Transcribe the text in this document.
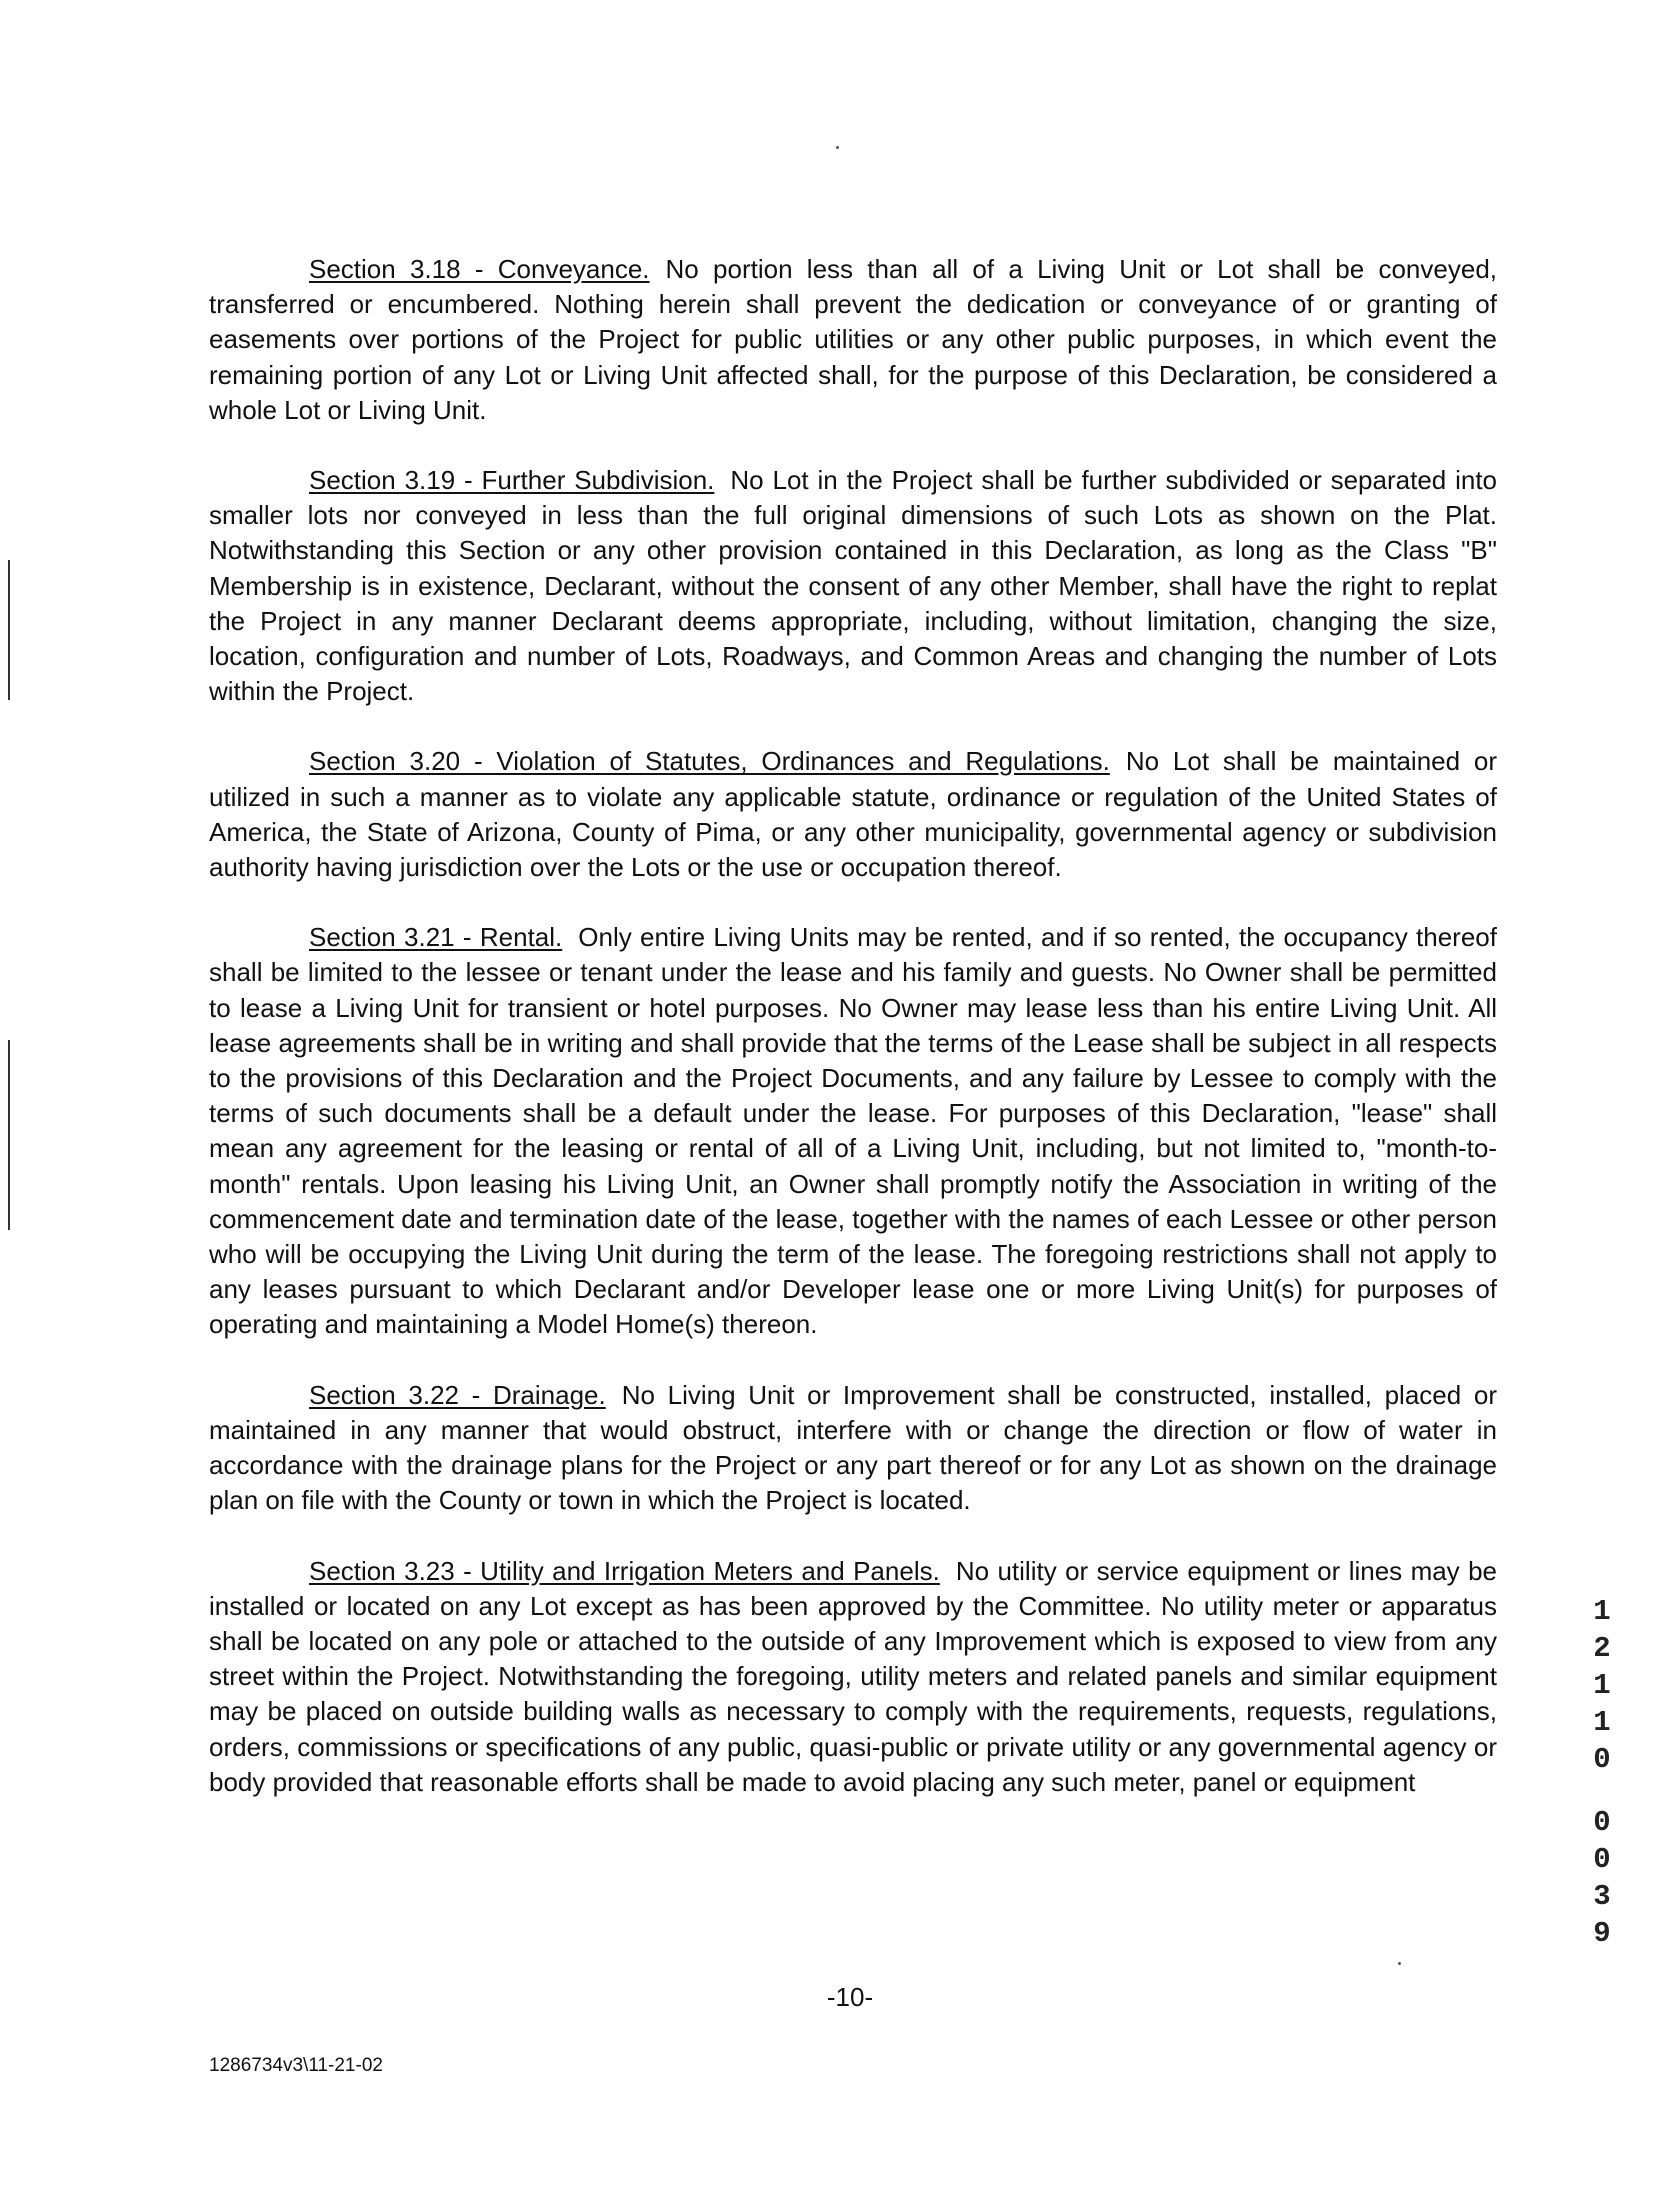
Section 3.18 - Conveyance. No portion less than all of a Living Unit or Lot shall be conveyed, transferred or encumbered. Nothing herein shall prevent the dedication or conveyance of or granting of easements over portions of the Project for public utilities or any other public purposes, in which event the remaining portion of any Lot or Living Unit affected shall, for the purpose of this Declaration, be considered a whole Lot or Living Unit.

Section 3.19 - Further Subdivision. No Lot in the Project shall be further subdivided or separated into smaller lots nor conveyed in less than the full original dimensions of such Lots as shown on the Plat. Notwithstanding this Section or any other provision contained in this Declaration, as long as the Class "B" Membership is in existence, Declarant, without the consent of any other Member, shall have the right to replat the Project in any manner Declarant deems appropriate, including, without limitation, changing the size, location, configuration and number of Lots, Roadways, and Common Areas and changing the number of Lots within the Project.

Section 3.20 - Violation of Statutes, Ordinances and Regulations. No Lot shall be maintained or utilized in such a manner as to violate any applicable statute, ordinance or regulation of the United States of America, the State of Arizona, County of Pima, or any other municipality, governmental agency or subdivision authority having jurisdiction over the Lots or the use or occupation thereof.

Section 3.21 - Rental. Only entire Living Units may be rented, and if so rented, the occupancy thereof shall be limited to the lessee or tenant under the lease and his family and guests. No Owner shall be permitted to lease a Living Unit for transient or hotel purposes. No Owner may lease less than his entire Living Unit. All lease agreements shall be in writing and shall provide that the terms of the Lease shall be subject in all respects to the provisions of this Declaration and the Project Documents, and any failure by Lessee to comply with the terms of such documents shall be a default under the lease. For purposes of this Declaration, "lease" shall mean any agreement for the leasing or rental of all of a Living Unit, including, but not limited to, "month-to-month" rentals. Upon leasing his Living Unit, an Owner shall promptly notify the Association in writing of the commencement date and termination date of the lease, together with the names of each Lessee or other person who will be occupying the Living Unit during the term of the lease. The foregoing restrictions shall not apply to any leases pursuant to which Declarant and/or Developer lease one or more Living Unit(s) for purposes of operating and maintaining a Model Home(s) thereon.

Section 3.22 - Drainage. No Living Unit or Improvement shall be constructed, installed, placed or maintained in any manner that would obstruct, interfere with or change the direction or flow of water in accordance with the drainage plans for the Project or any part thereof or for any Lot as shown on the drainage plan on file with the County or town in which the Project is located.

Section 3.23 - Utility and Irrigation Meters and Panels. No utility or service equipment or lines may be installed or located on any Lot except as has been approved by the Committee. No utility meter or apparatus shall be located on any pole or attached to the outside of any Improvement which is exposed to view from any street within the Project. Notwithstanding the foregoing, utility meters and related panels and similar equipment may be placed on outside building walls as necessary to comply with the requirements, requests, regulations, orders, commissions or specifications of any public, quasi-public or private utility or any governmental agency or body provided that reasonable efforts shall be made to avoid placing any such meter, panel or equipment

-10-
1286734v3\11-21-02
1
2
1
1
0
0
0
3
9
